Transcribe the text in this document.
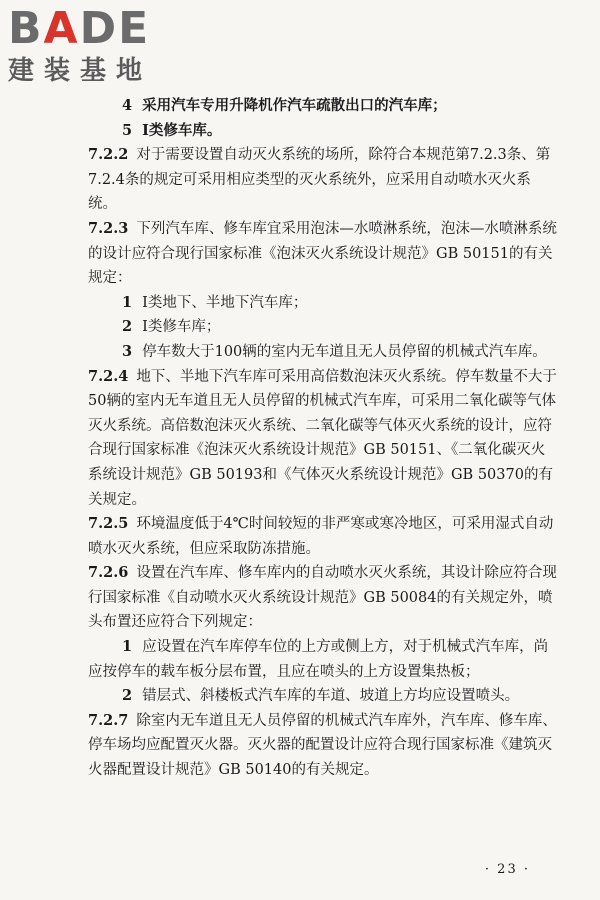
BADE
建装基地

4 采用汽车专用升降机作汽车疏散出口的汽车库；

5 Ⅰ类修车库。

7.2.2 对于需要设置自动灭火系统的场所，除符合本规范第7.2.3条、第7.2.4条的规定可采用相应类型的灭火系统外，应采用自动喷水灭火系统。

7.2.3 下列汽车库、修车库宜采用泡沫—水喷淋系统，泡沫—水喷淋系统的设计应符合现行国家标准《泡沫灭火系统设计规范》GB 50151的有关规定：

1 Ⅰ类地下、半地下汽车库；

2 Ⅰ类修车库；

3 停车数大于100辆的室内无车道且无人员停留的机械式汽车库。

7.2.4 地下、半地下汽车库可采用高倍数泡沫灭火系统。停车数量不大于50辆的室内无车道且无人员停留的机械式汽车库，可采用二氧化碳等气体灭火系统。高倍数泡沫灭火系统、二氧化碳等气体灭火系统的设计，应符合现行国家标准《泡沫灭火系统设计规范》GB 50151、《二氧化碳灭火系统设计规范》GB 50193和《气体灭火系统设计规范》GB 50370的有关规定。

7.2.5 环境温度低于4℃时间较短的非严寒或寒冷地区，可采用湿式自动喷水灭火系统，但应采取防冻措施。

7.2.6 设置在汽车库、修车库内的自动喷水灭火系统，其设计除应符合现行国家标准《自动喷水灭火系统设计规范》GB 50084的有关规定外，喷头布置还应符合下列规定：

1 应设置在汽车库停车位的上方或侧上方，对于机械式汽车库，尚应按停车的载车板分层布置，且应在喷头的上方设置集热板；

2 错层式、斜楼板式汽车库的车道、坡道上方均应设置喷头。

7.2.7 除室内无车道且无人员停留的机械式汽车库外，汽车库、修车库、停车场均应配置灭火器。灭火器的配置设计应符合现行国家标准《建筑灭火器配置设计规范》GB 50140的有关规定。

· 23 ·
